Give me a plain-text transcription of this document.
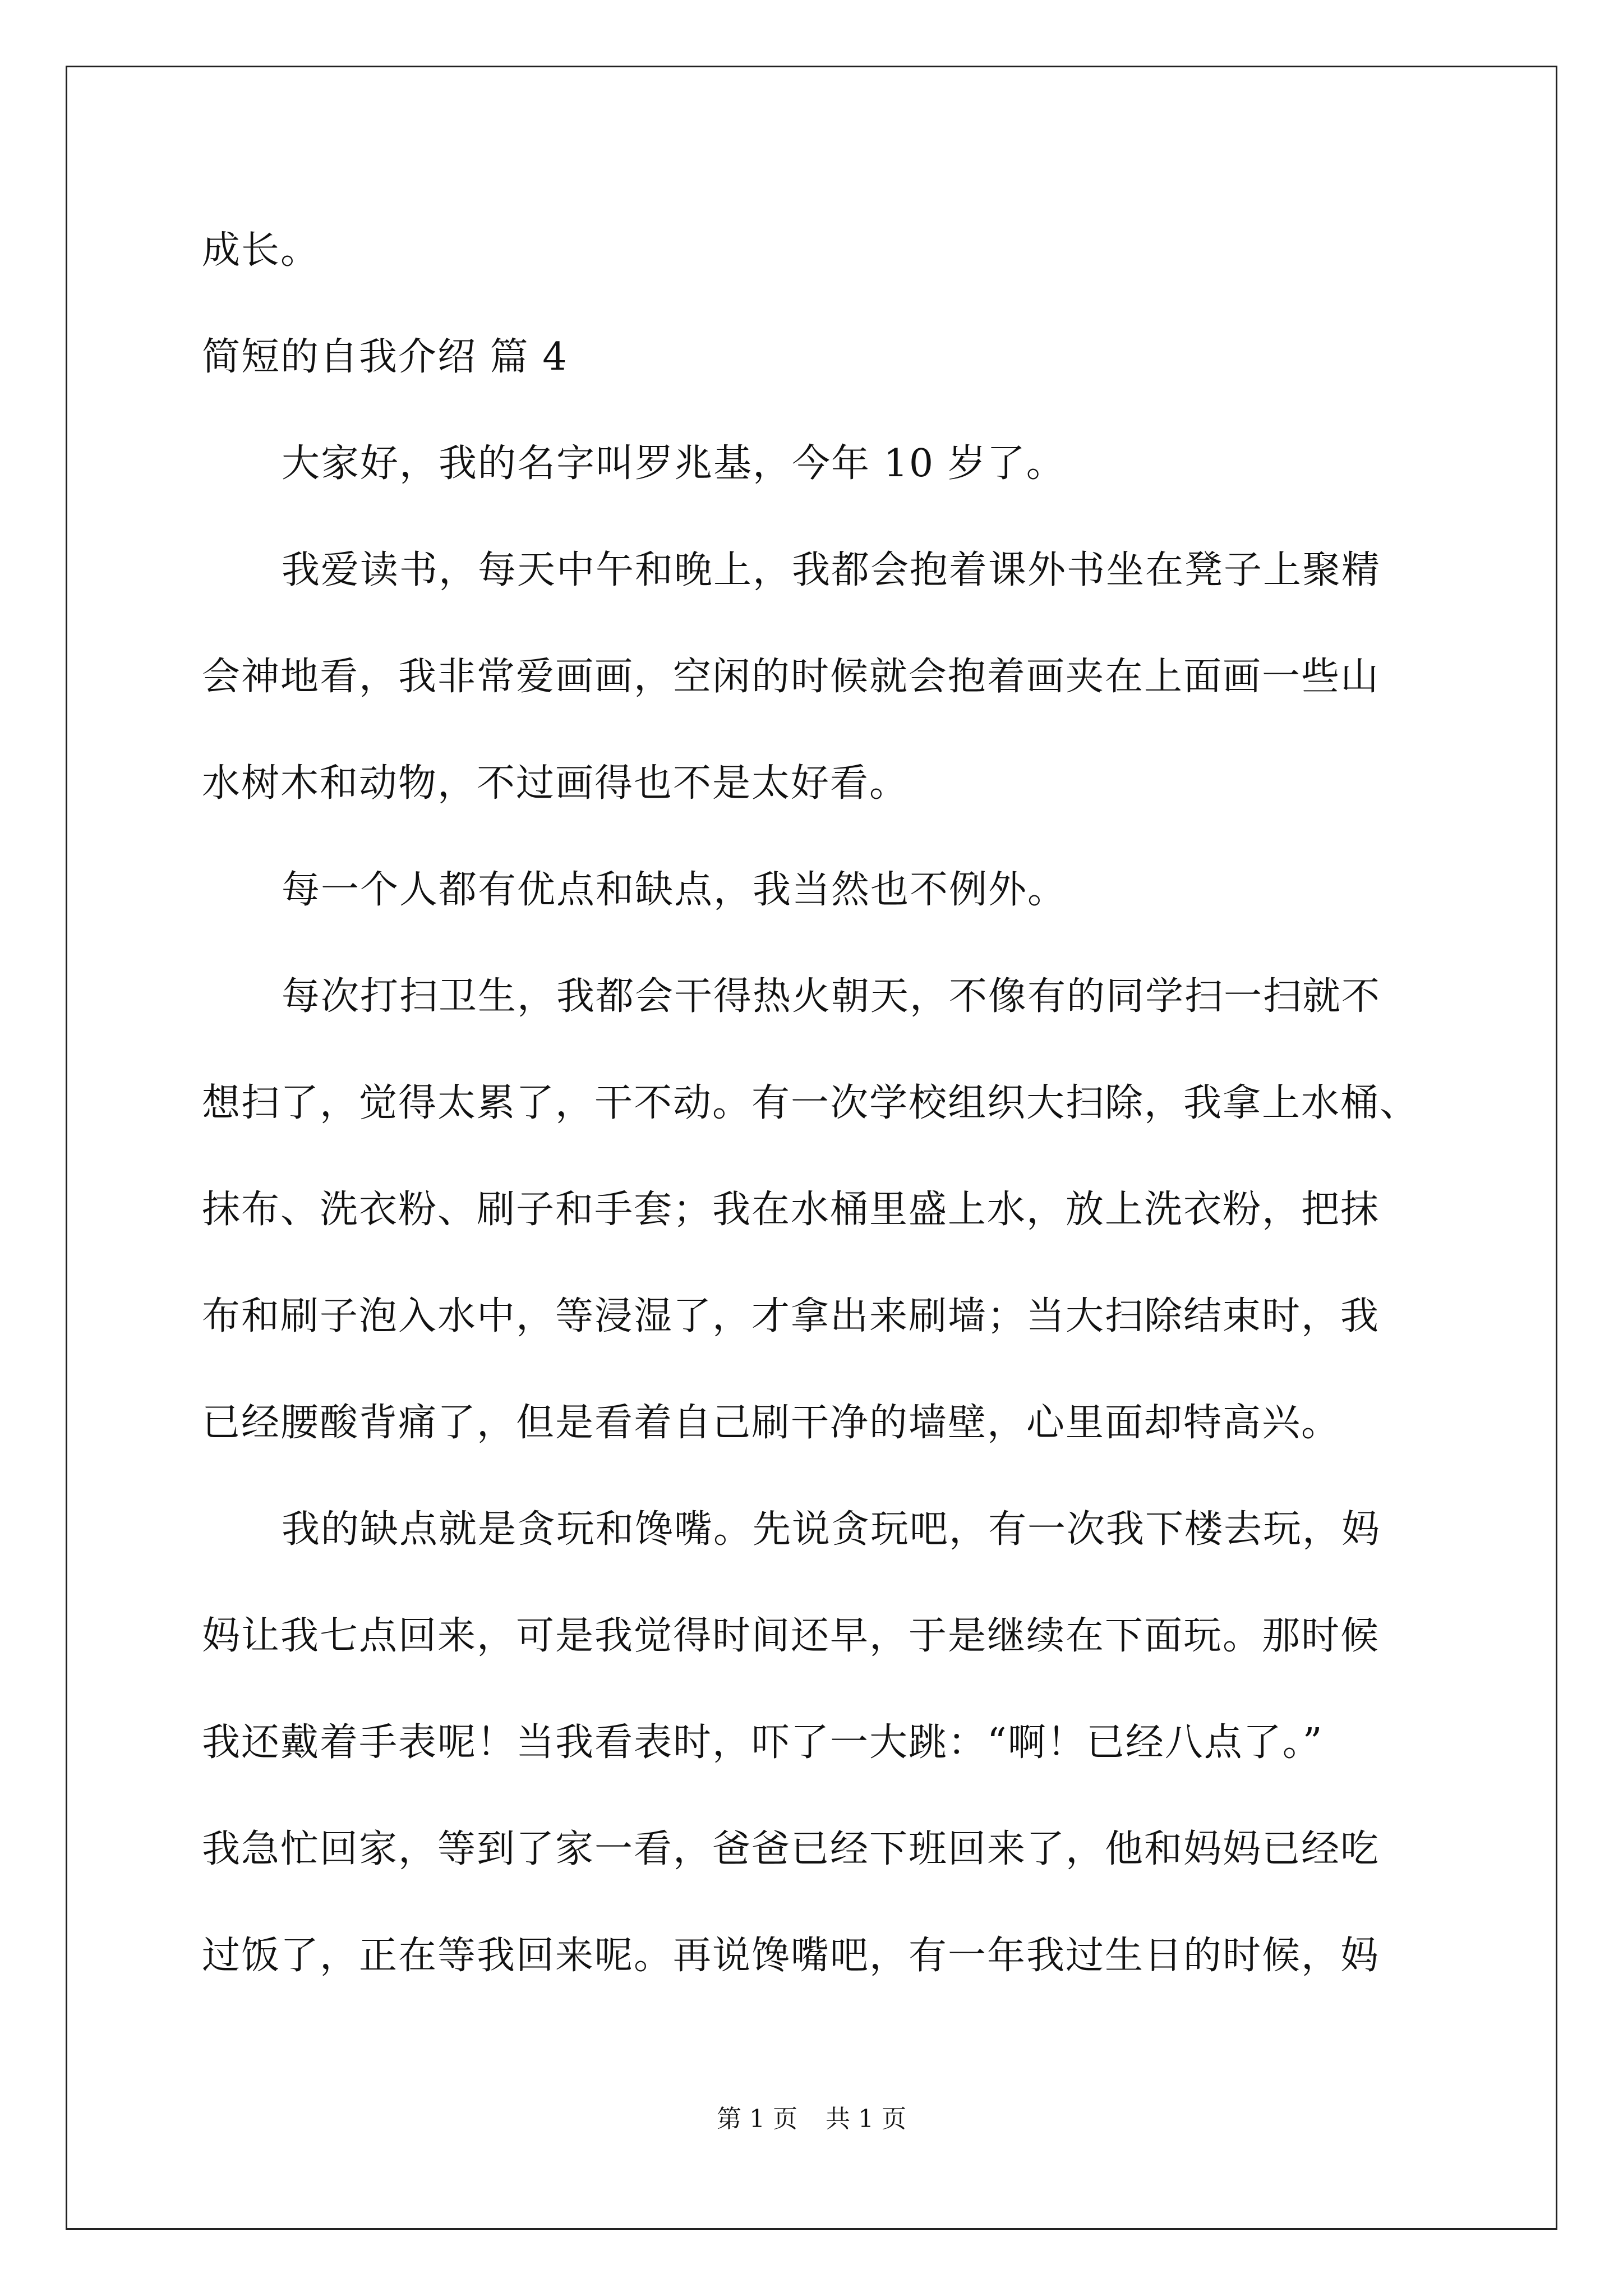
成长。
简短的自我介绍 篇 4
大家好，我的名字叫罗兆基，今年 10 岁了。
我爱读书，每天中午和晚上，我都会抱着课外书坐在凳子上聚精
会神地看，我非常爱画画，空闲的时候就会抱着画夹在上面画一些山
水树木和动物，不过画得也不是太好看。
每一个人都有优点和缺点，我当然也不例外。
每次打扫卫生，我都会干得热火朝天，不像有的同学扫一扫就不
想扫了，觉得太累了，干不动。有一次学校组织大扫除，我拿上水桶、
抹布、洗衣粉、刷子和手套；我在水桶里盛上水，放上洗衣粉，把抹
布和刷子泡入水中，等浸湿了，才拿出来刷墙；当大扫除结束时，我
已经腰酸背痛了，但是看着自己刷干净的墙壁，心里面却特高兴。
我的缺点就是贪玩和馋嘴。先说贪玩吧，有一次我下楼去玩，妈
妈让我七点回来，可是我觉得时间还早，于是继续在下面玩。那时候
我还戴着手表呢！当我看表时，吓了一大跳：“啊！已经八点了。”
我急忙回家，等到了家一看，爸爸已经下班回来了，他和妈妈已经吃
过饭了，正在等我回来呢。再说馋嘴吧，有一年我过生日的时候，妈
第 1 页 共 1 页
